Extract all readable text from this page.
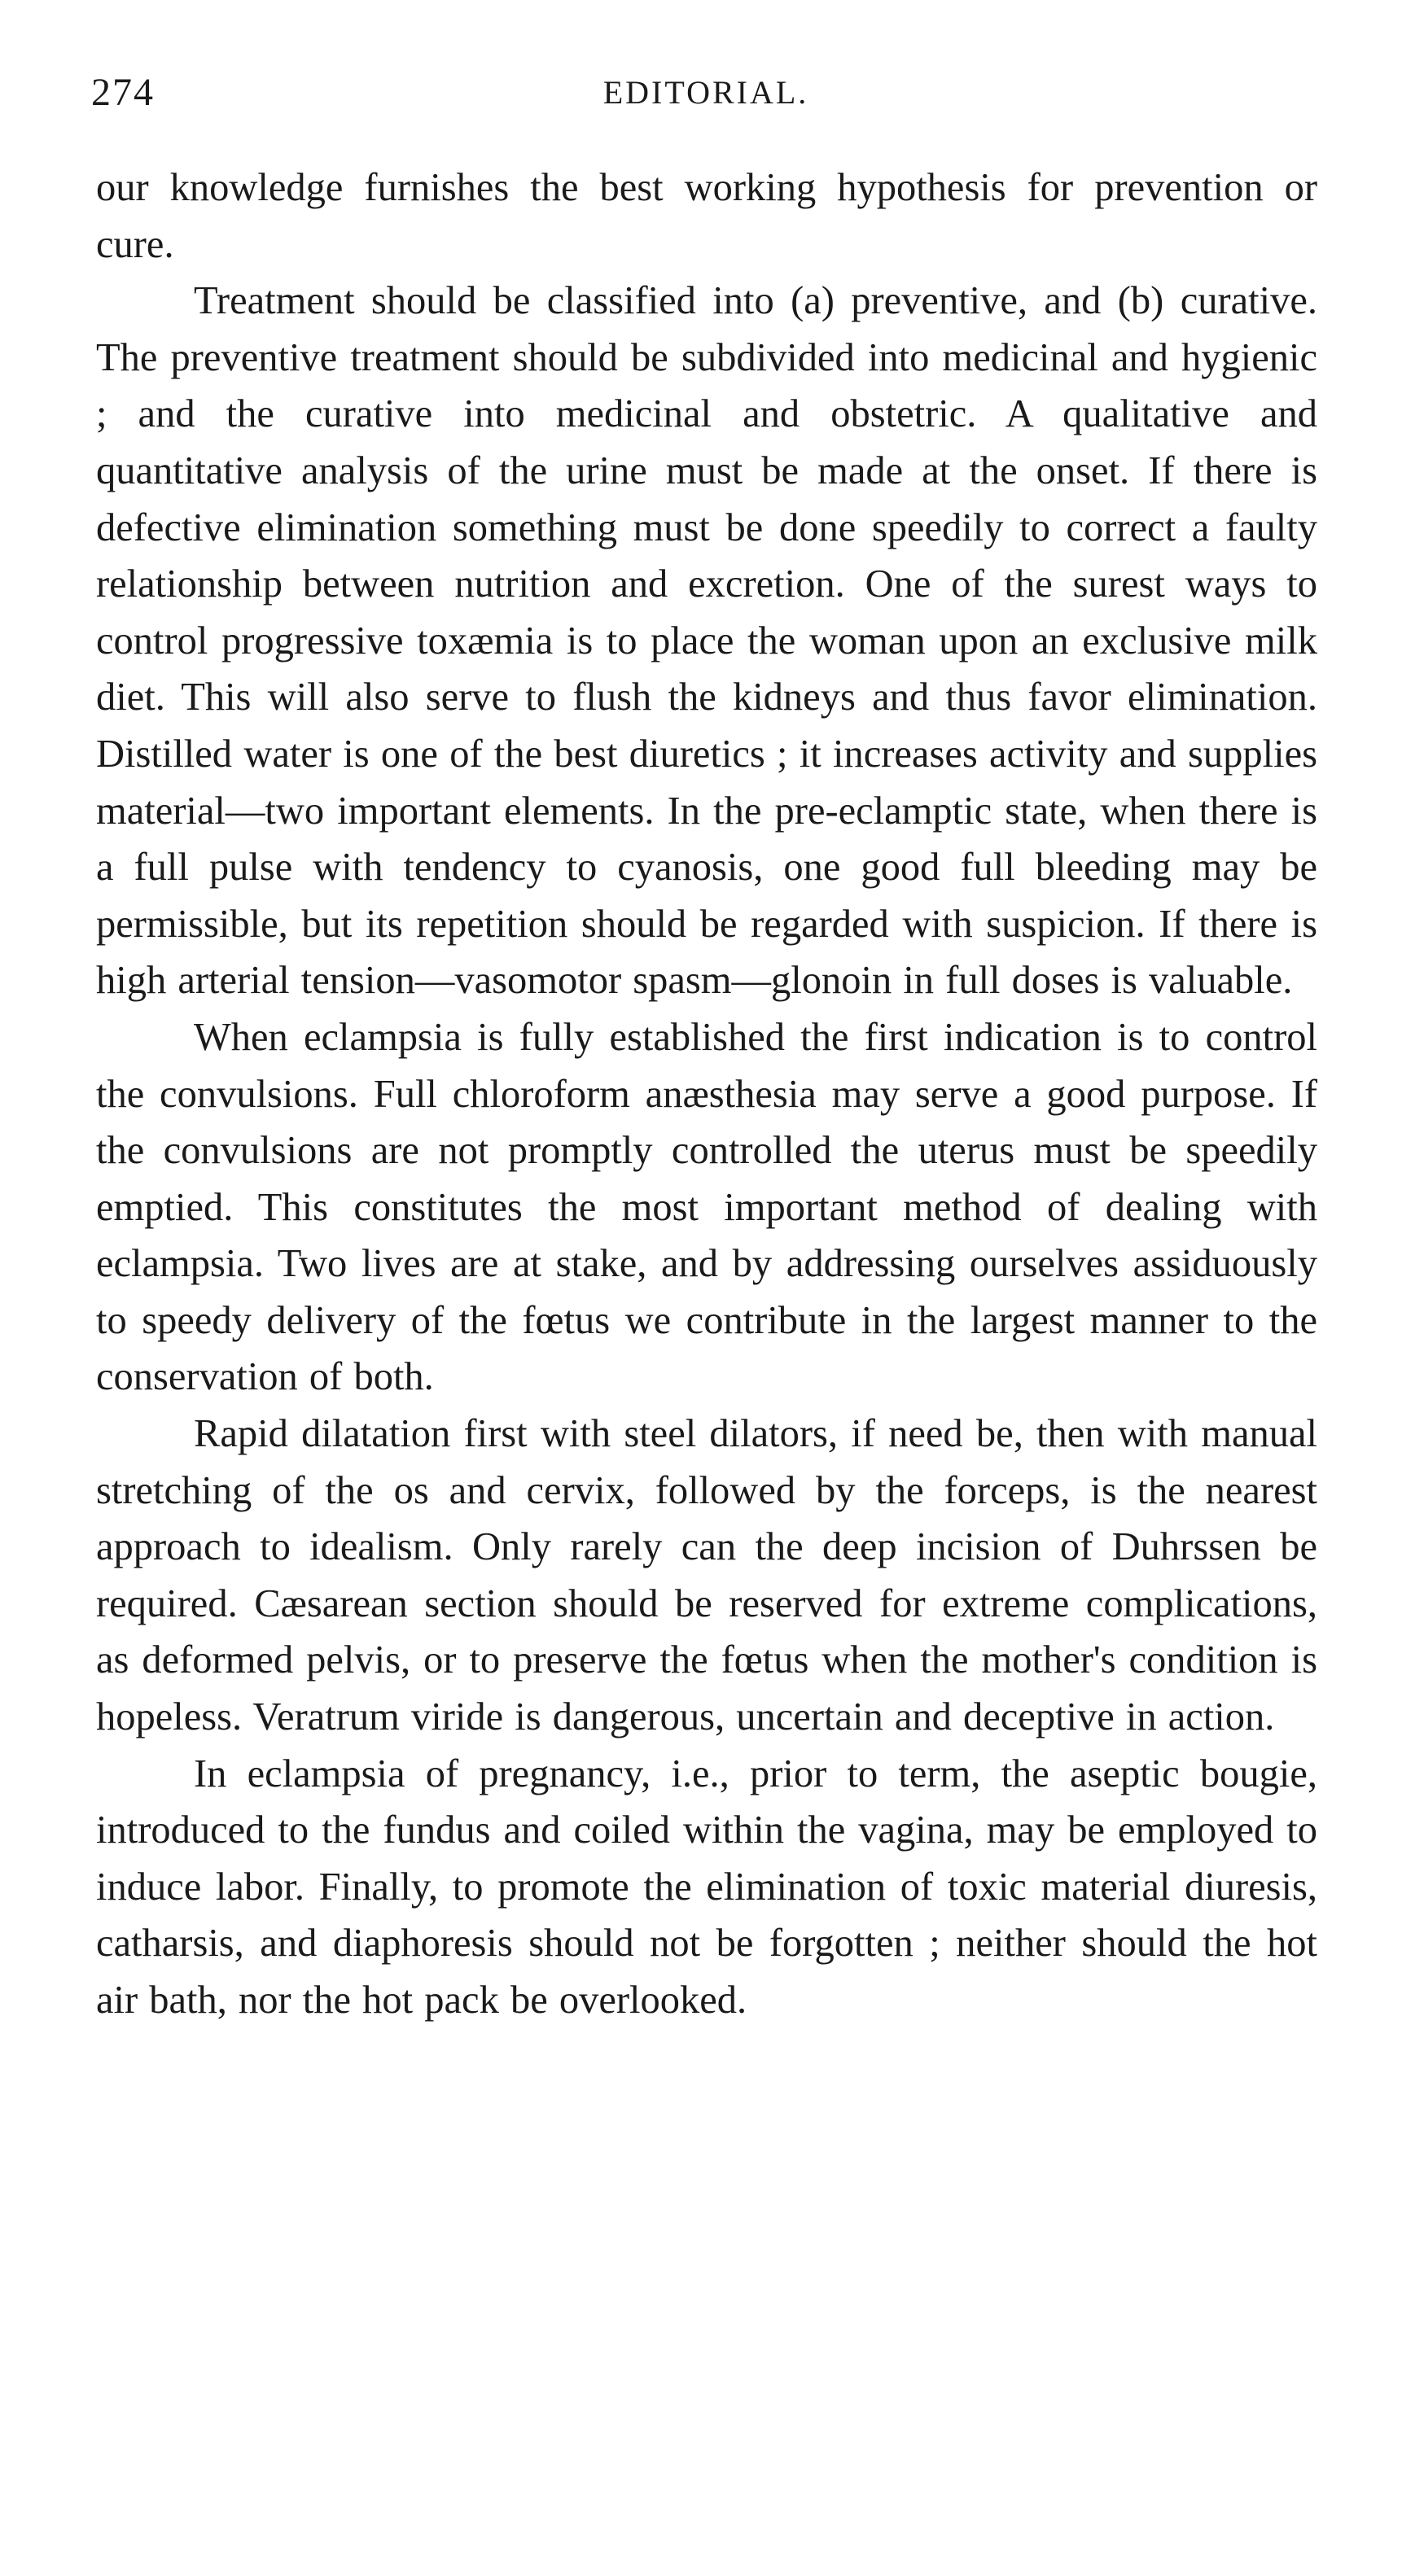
274	EDITORIAL.

our knowledge furnishes the best working hypothesis for prevention or cure.

Treatment should be classified into (a) preventive, and (b) curative. The preventive treatment should be subdivided into medicinal and hygienic ; and the curative into medicinal and obstetric. A qualitative and quantitative analysis of the urine must be made at the onset. If there is defective elimination something must be done speedily to correct a faulty relationship between nutrition and excretion. One of the surest ways to control progressive toxæmia is to place the woman upon an exclusive milk diet. This will also serve to flush the kidneys and thus favor elimination. Distilled water is one of the best diuretics ; it increases activity and supplies material—two important elements. In the pre-eclamptic state, when there is a full pulse with tendency to cyanosis, one good full bleeding may be permissible, but its repetition should be regarded with suspicion. If there is high arterial tension—vasomotor spasm—glonoin in full doses is valuable.

When eclampsia is fully established the first indication is to control the convulsions. Full chloroform anæsthesia may serve a good purpose. If the convulsions are not promptly controlled the uterus must be speedily emptied. This constitutes the most important method of dealing with eclampsia. Two lives are at stake, and by addressing ourselves assiduously to speedy delivery of the fœtus we contribute in the largest manner to the conservation of both.

Rapid dilatation first with steel dilators, if need be, then with manual stretching of the os and cervix, followed by the forceps, is the nearest approach to idealism. Only rarely can the deep incision of Duhrssen be required. Cæsarean section should be reserved for extreme complications, as deformed pelvis, or to preserve the fœtus when the mother's condition is hopeless. Veratrum viride is dangerous, uncertain and deceptive in action.

In eclampsia of pregnancy, i.e., prior to term, the aseptic bougie, introduced to the fundus and coiled within the vagina, may be employed to induce labor. Finally, to promote the elimination of toxic material diuresis, catharsis, and diaphoresis should not be forgotten ; neither should the hot air bath, nor the hot pack be overlooked.
